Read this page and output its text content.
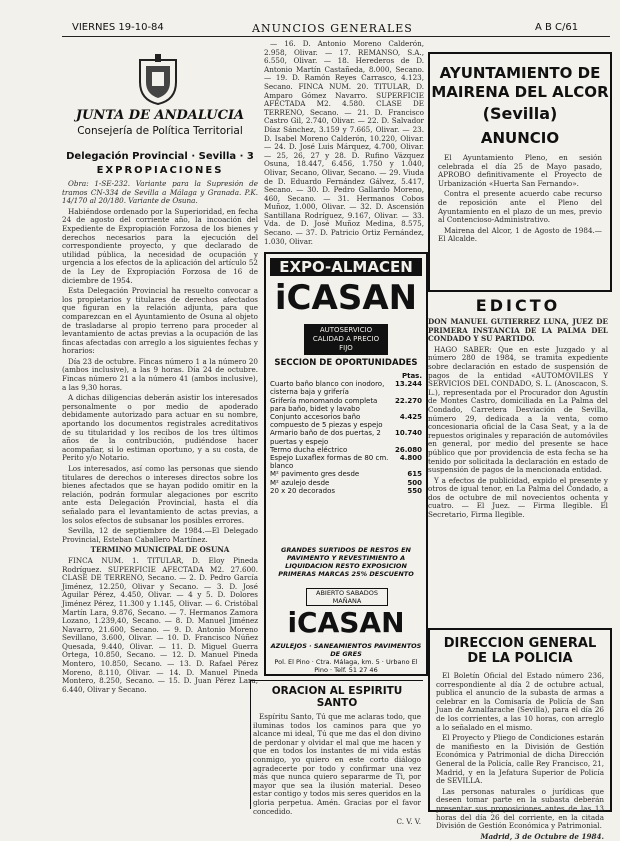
VIERNES 19-10-84	ANUNCIOS GENERALES	A B C/61
JUNTA DE ANDALUCIA
Consejería de Política Territorial
Delegación Provincial · Sevilla · 3
EXPROPIACIONES

Obra: 1-SE-232. Variante para la Supresión de tramos CN-334 de Sevilla a Málaga y Granada. P.K. 14/170 al 20/180. Variante de Osuna.

Habiéndose ordenado por la Superioridad, en fecha 24 de agosto del corriente año, la incoación del Expediente de Expropiación Forzosa de los bienes y derechos necesarios para la ejecución del correspondiente proyecto, y que declarado de utilidad pública, la necesidad de ocupación y urgencia a los efectos de la aplicación del artículo 52 de la Ley de Expropiación Forzosa de 16 de diciembre de 1954.

Esta Delegación Provincial ha resuelto convocar a los propietarios y titulares de derechos afectados que figuran en la relación adjunta, para que comparezcan en el Ayuntamiento de Osuna al objeto de trasladarse al propio terreno para proceder al levantamiento de actas previas a la ocupación de las fincas afectadas con arreglo a los siguientes fechas y horarios:

Día 23 de octubre. Fincas número 1 a la número 20 (ambos inclusive), a las 9 horas. Día 24 de octubre. Fincas número 21 a la número 41 (ambos inclusive), a las 9,30 horas.

A dichas diligencias deberán asistir los interesados personalmente o por medio de apoderado debidamente autorizado para actuar en su nombre, aportando los documentos registrales acreditativos de su titularidad y los recibos de los tres últimos años de la contribución, pudiéndose hacer acompañar, si lo estiman oportuno, y a su costa, de Perito y/o Notario.

Los interesados, así como las personas que siendo titulares de derechos o intereses directos sobre los bienes afectados que se hayan podido omitir en la relación, podrán formular alegaciones por escrito ante esta Delegación Provincial, hasta el día señalado para el levantamiento de actas previas, a los solos efectos de subsanar los posibles errores.

Sevilla, 12 de septiembre de 1984.—El Delegado Provincial, Esteban Caballero Martínez.

TERMINO MUNICIPAL DE OSUNA

FINCA NUM. 1. TITULAR, D. Eloy Pineda Rodríguez. SUPERFICIE AFECTADA M2. 27.600. CLASE DE TERRENO, Secano. — 2. D. Pedro García Jiménez, 12.250, Olivar y Secano. — 3. D. José Aguilar Pérez, 4.450, Olivar. — 4 y 5. D. Dolores Jiménez Pérez, 11.300 y 1.145, Olivar. — 6. Cristóbal Martín Lara, 9.876, Secano. — 7. Hermanos Zamora Lozano, 1.239,40, Secano. — 8. D. Manuel Jiménez Navarro, 21.600, Secano. — 9. D. Antonio Moreno Sevillano, 3.600, Olivar. — 10. D. Francisco Núñez Quesada, 9.440, Olivar. — 11. D. Miguel Guerra Ortega, 10.850, Secano. — 12. D. Manuel Pineda Montero, 10.850, Secano. — 13. D. Rafael Pérez Moreno, 8.110, Olivar. — 14. D. Manuel Pineda Montero, 8.250, Secano. — 15. D. Juan Pérez Lara, 6.440, Olivar y Secano.

— 16. D. Antonio Moreno Calderón, 2.958, Olivar. — 17. REMANSO, S.A., 6.550, Olivar. — 18. Herederos de D. Antonio Martín Castañeda, 8.000, Secano. — 19. D. Ramón Reyes Carrasco, 4.123, Secano. FINCA NUM. 20. TITULAR, D. Amparo Gómez Navarro. SUPERFICIE AFECTADA M2. 4.580. CLASE DE TERRENO, Secano. — 21. D. Francisco Castro Gil, 2.740, Olivar. — 22. D. Salvador Díaz Sánchez, 3.159 y 7.665, Olivar. — 23. D. Isabel Moreno Calderón, 10.220, Olivar. — 24. D. José Luis Márquez, 4.700, Olivar. — 25, 26, 27 y 28. D. Rufino Vázquez Osuna, 18.447, 6.456, 1.750 y 1.040, Olivar, Secano, Olivar, Secano. — 29. Viuda de D. Eduardo Fernández Gálvez, 5.417, Secano. — 30. D. Pedro Gallardo Moreno, 460, Secano. — 31. Hermanos Cobos Muñoz, 1.000, Olivar. — 32. D. Ascensión Santillana Rodríguez, 9.167, Olivar. — 33. Vda. de D. José Muñoz Medina, 8.575, Secano. — 37. D. Patricio Ortiz Fernández, 1.030, Olivar.

EXPO-ALMACEN
iCASAN
AUTOSERVICIO CALIDAD A PRECIO FIJO
SECCION DE OPORTUNIDADES
Ptas.
Cuarto baño blanco con inodoro, cisterna baja y grifería
13.244
Grifería monomando completa para baño, bidet y lavabo
22.270
Conjunto accesorios baño compuesto de 5 piezas y espejo
4.425
Armario baño de dos puertas, 2 puertas y espejo
10.740
Termo ducha eléctrico	26.080
Espejo Luxaflex formas de 80 cm. blanco
4.800
M² pavimento gres desde	615
M² azulejo desde	500
20 x 20 decorados	550
GRANDES SURTIDOS DE RESTOS EN PAVIMENTO Y REVESTIMIENTO A LIQUIDACION RESTO EXPOSICION PRIMERAS MARCAS 25% DESCUENTO
ABIERTO SABADOS MAÑANA
iCASAN
AZULEJOS · SANEAMIENTOS PAVIMENTOS DE GRES
Pol. El Pino · Ctra. Málaga, km. 5 · Urbano El Pino · Telf. 51 27 46
ORACION AL ESPIRITU SANTO

Espíritu Santo, Tú que me aclaras todo, que iluminas todos los caminos para que yo alcance mi ideal, Tú que me das el don divino de perdonar y olvidar el mal que me hacen y que en todos los instantes de mi vida estás conmigo, yo quiero en este corto diálogo agradecerte por todo y confirmar una vez más que nunca quiero separarme de Ti, por mayor que sea la ilusión material. Deseo estar contigo y todos mis seres queridos en la gloria perpetua. Amén. Gracias por el favor concedido.

C. V. V.

AYUNTAMIENTO DE
MAIRENA DEL ALCOR
(Sevilla)
ANUNCIO

El Ayuntamiento Pleno, en sesión celebrada el día 25 de Mayo pasado, APROBO definitivamente el Proyecto de Urbanización «Huerta San Fernando».

Contra el presente acuerdo cabe recurso de reposición ante el Pleno del Ayuntamiento en el plazo de un mes, previo al Contencioso-Administrativo.

Mairena del Alcor, 1 de Agosto de 1984.—El Alcalde.

EDICTO

DON MANUEL GUTIERREZ LUNA, JUEZ DE PRIMERA INSTANCIA DE LA PALMA DEL CONDADO Y SU PARTIDO.

HAGO SABER: Que en este Juzgado y al número 280 de 1984, se tramita expediente sobre declaración en estado de suspensión de pagos de la entidad «AUTOMOVILES Y SERVICIOS DEL CONDADO, S. L. (Anoscacon, S. L.), representada por el Procurador don Agustín de Montes Castro, domiciliada en La Palma del Condado, Carretera Desviación de Sevilla, número 29, dedicada a la venta, como concesionaria oficial de la Casa Seat, y a la de repuestos originales y reparación de automóviles en general, por medio del presente se hace público que por providencia de esta fecha se ha tenido por solicitada la declaración en estado de suspensión de pagos de la mencionada entidad.

Y a efectos de publicidad, expido el presente y otros de igual tenor, en La Palma del Condado, a dos de octubre de mil novecientos ochenta y cuatro. — El Juez. — Firma Ilegible. El Secretario, Firma Ilegible.

DIRECCION GENERAL
DE LA POLICIA

El Boletín Oficial del Estado número 236, correspondiente al día 2 de octubre actual, publica el anuncio de la subasta de armas a celebrar en la Comisaría de Policía de San Juan de Aznalfarache (Sevilla), para el día 26 de los corrientes, a las 10 horas, con arreglo a lo señalado en el mismo.

El Proyecto y Pliego de Condiciones estarán de manifiesto en la División de Gestión Económica y Patrimonial de dicha Dirección General de la Policía, calle Rey Francisco, 21, Madrid, y en la Jefatura Superior de Policía de SEVILLA.

Las personas naturales o jurídicas que deseen tomar parte en la subasta deberán presentar sus proposiciones antes de las 13 horas del día 26 del corriente, en la citada División de Gestión Económica y Patrimonial.

Madrid, 3 de Octubre de 1984.
